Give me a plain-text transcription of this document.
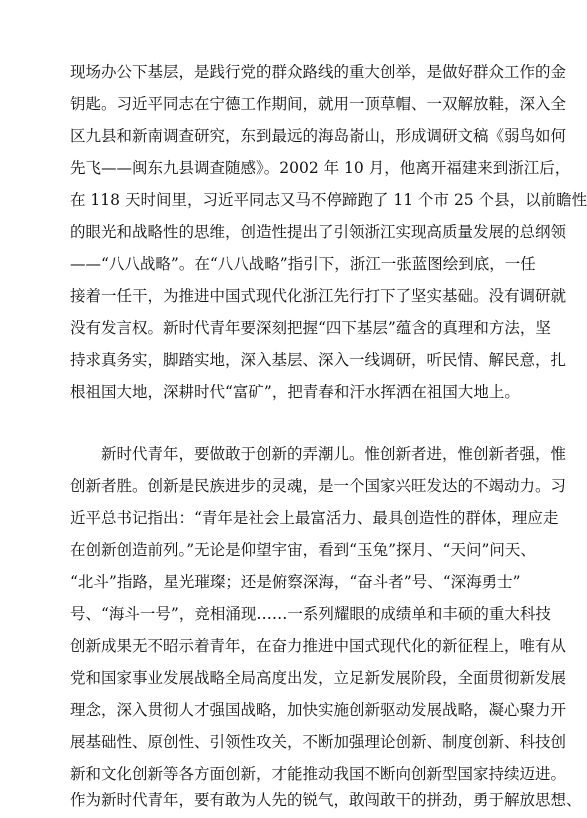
现场办公下基层，是践行党的群众路线的重大创举，是做好群众工作的金
钥匙。习近平同志在宁德工作期间，就用一顶草帽、一双解放鞋，深入全
区九县和新南调查研究，东到最远的海岛嵛山，形成调研文稿《弱鸟如何
先飞——闽东九县调查随感》。2002 年 10 月，他离开福建来到浙江后，
在 118 天时间里，习近平同志又马不停蹄跑了 11 个市 25 个县，以前瞻性
的眼光和战略性的思维，创造性提出了引领浙江实现高质量发展的总纲领
——“八八战略”。在“八八战略”指引下，浙江一张蓝图绘到底，一任
接着一任干，为推进中国式现代化浙江先行打下了坚实基础。没有调研就
没有发言权。新时代青年要深刻把握“四下基层”蕴含的真理和方法，坚
持求真务实，脚踏实地，深入基层、深入一线调研，听民情、解民意，扎
根祖国大地，深耕时代“富矿”，把青春和汗水挥洒在祖国大地上。
新时代青年，要做敢于创新的弄潮儿。惟创新者进，惟创新者强，惟
创新者胜。创新是民族进步的灵魂，是一个国家兴旺发达的不竭动力。习
近平总书记指出：“青年是社会上最富活力、最具创造性的群体，理应走
在创新创造前列。”无论是仰望宇宙，看到“玉兔”探月、“天问”问天、
“北斗”指路，星光璀璨；还是俯察深海，“奋斗者”号、“深海勇士”
号、“海斗一号”，竞相涌现……一系列耀眼的成绩单和丰硕的重大科技
创新成果无不昭示着青年，在奋力推进中国式现代化的新征程上，唯有从
党和国家事业发展战略全局高度出发，立足新发展阶段，全面贯彻新发展
理念，深入贯彻人才强国战略，加快实施创新驱动发展战略，凝心聚力开
展基础性、原创性、引领性攻关，不断加强理论创新、制度创新、科技创
新和文化创新等各方面创新，才能推动我国不断向创新型国家持续迈进。
作为新时代青年，要有敢为人先的锐气，敢闯敢干的拼劲，勇于解放思想、
